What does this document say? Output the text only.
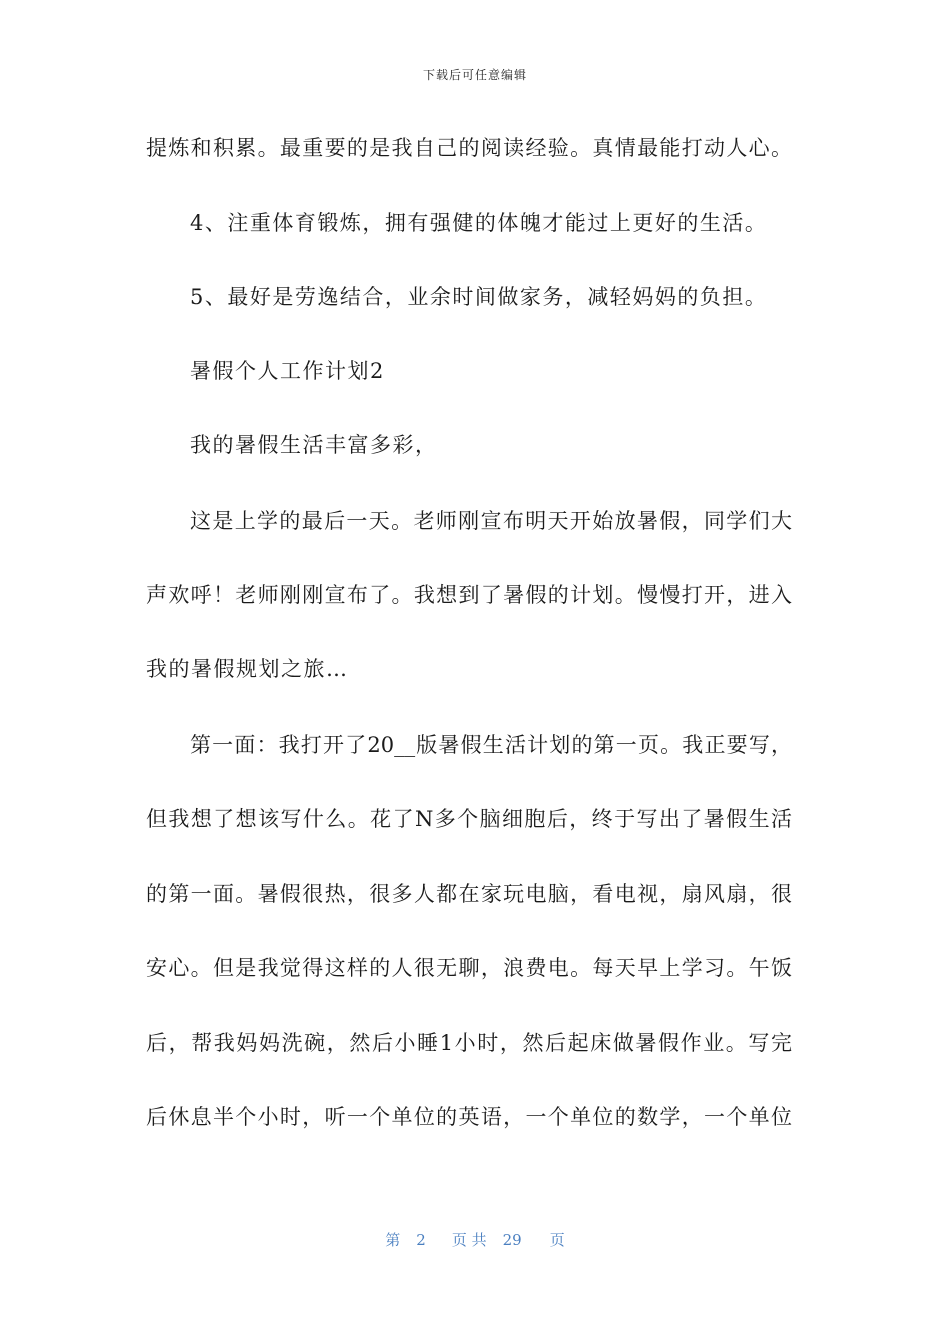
下载后可任意编辑
提炼和积累。最重要的是我自己的阅读经验。真情最能打动人心。
4、注重体育锻炼，拥有强健的体魄才能过上更好的生活。
5、最好是劳逸结合，业余时间做家务，减轻妈妈的负担。
暑假个人工作计划2
我的暑假生活丰富多彩，
这是上学的最后一天。老师刚宣布明天开始放暑假，同学们大
声欢呼！老师刚刚宣布了。我想到了暑假的计划。慢慢打开，进入
我的暑假规划之旅…
第一面：我打开了20__版暑假生活计划的第一页。我正要写，
但我想了想该写什么。花了N多个脑细胞后，终于写出了暑假生活
的第一面。暑假很热，很多人都在家玩电脑，看电视，扇风扇，很
安心。但是我觉得这样的人很无聊，浪费电。每天早上学习。午饭
后，帮我妈妈洗碗，然后小睡1小时，然后起床做暑假作业。写完
后休息半个小时，听一个单位的英语，一个单位的数学，一个单位
第 2 页 共 29 页
